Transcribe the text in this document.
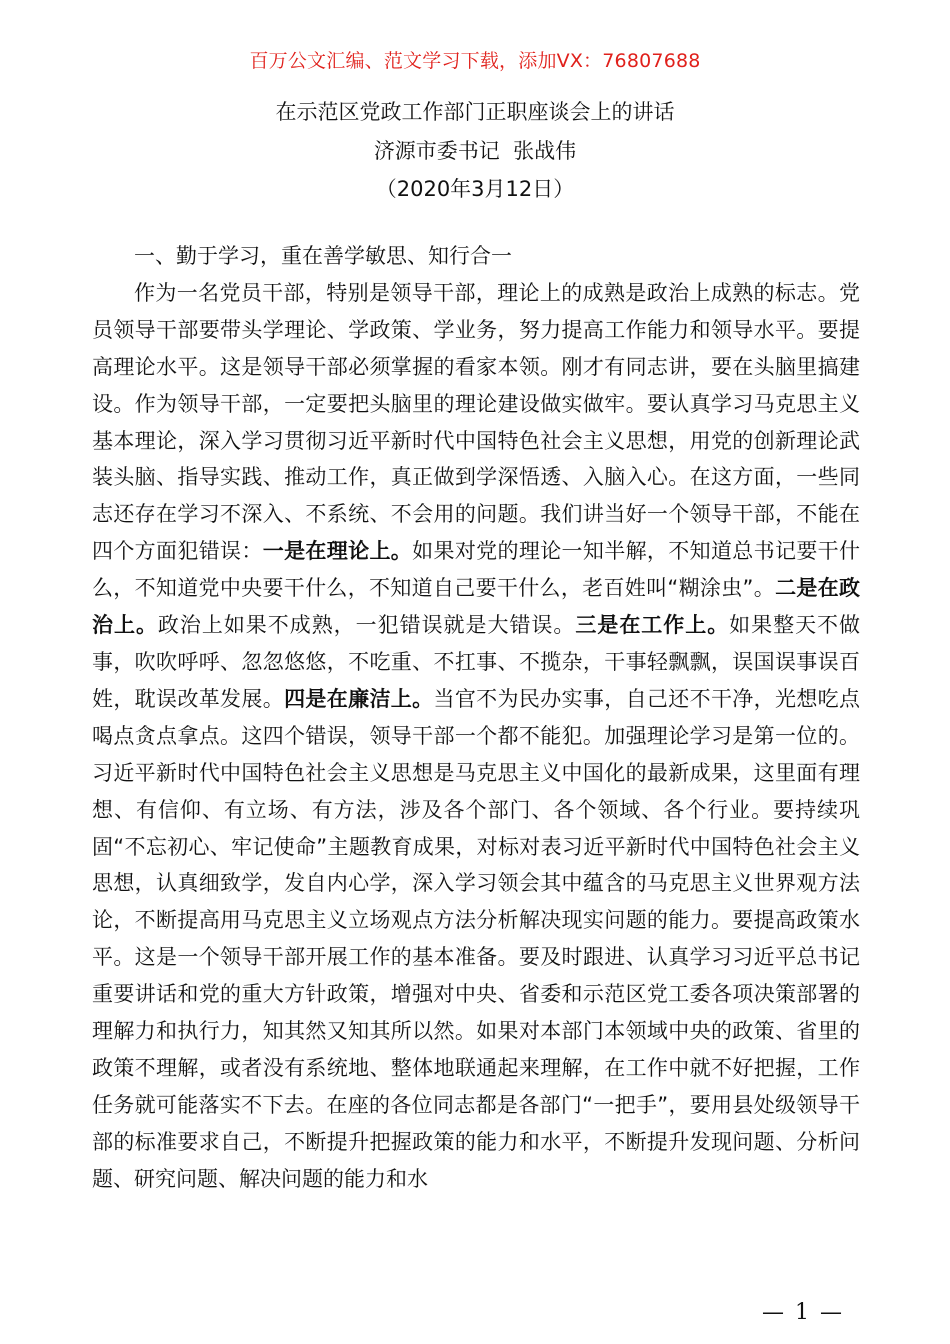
百万公文汇编、范文学习下载，添加VX：76807688
在示范区党政工作部门正职座谈会上的讲话
济源市委书记  张战伟
（2020年3月12日）

一、勤于学习，重在善学敏思、知行合一

作为一名党员干部，特别是领导干部，理论上的成熟是政治上成熟的标志。党员领导干部要带头学理论、学政策、学业务，努力提高工作能力和领导水平。要提高理论水平。这是领导干部必须掌握的看家本领。刚才有同志讲，要在头脑里搞建设。作为领导干部，一定要把头脑里的理论建设做实做牢。要认真学习马克思主义基本理论，深入学习贯彻习近平新时代中国特色社会主义思想，用党的创新理论武装头脑、指导实践、推动工作，真正做到学深悟透、入脑入心。在这方面，一些同志还存在学习不深入、不系统、不会用的问题。我们讲当好一个领导干部，不能在四个方面犯错误：一是在理论上。如果对党的理论一知半解，不知道总书记要干什么，不知道党中央要干什么，不知道自己要干什么，老百姓叫“糊涂虫”。二是在政治上。政治上如果不成熟，一犯错误就是大错误。三是在工作上。如果整天不做事，吹吹呼呼、忽忽悠悠，不吃重、不扛事、不揽杂，干事轻飘飘，误国误事误百姓，耽误改革发展。四是在廉洁上。当官不为民办实事，自己还不干净，光想吃点喝点贪点拿点。这四个错误，领导干部一个都不能犯。加强理论学习是第一位的。习近平新时代中国特色社会主义思想是马克思主义中国化的最新成果，这里面有理想、有信仰、有立场、有方法，涉及各个部门、各个领域、各个行业。要持续巩固“不忘初心、牢记使命”主题教育成果，对标对表习近平新时代中国特色社会主义思想，认真细致学，发自内心学，深入学习领会其中蕴含的马克思主义世界观方法论，不断提高用马克思主义立场观点方法分析解决现实问题的能力。要提高政策水平。这是一个领导干部开展工作的基本准备。要及时跟进、认真学习习近平总书记重要讲话和党的重大方针政策，增强对中央、省委和示范区党工委各项决策部署的理解力和执行力，知其然又知其所以然。如果对本部门本领域中央的政策、省里的政策不理解，或者没有系统地、整体地联通起来理解，在工作中就不好把握，工作任务就可能落实不下去。在座的各位同志都是各部门“一把手”，要用县处级领导干部的标准要求自己，不断提升把握政策的能力和水平，不断提升发现问题、分析问题、研究问题、解决问题的能力和水

— 1 —
